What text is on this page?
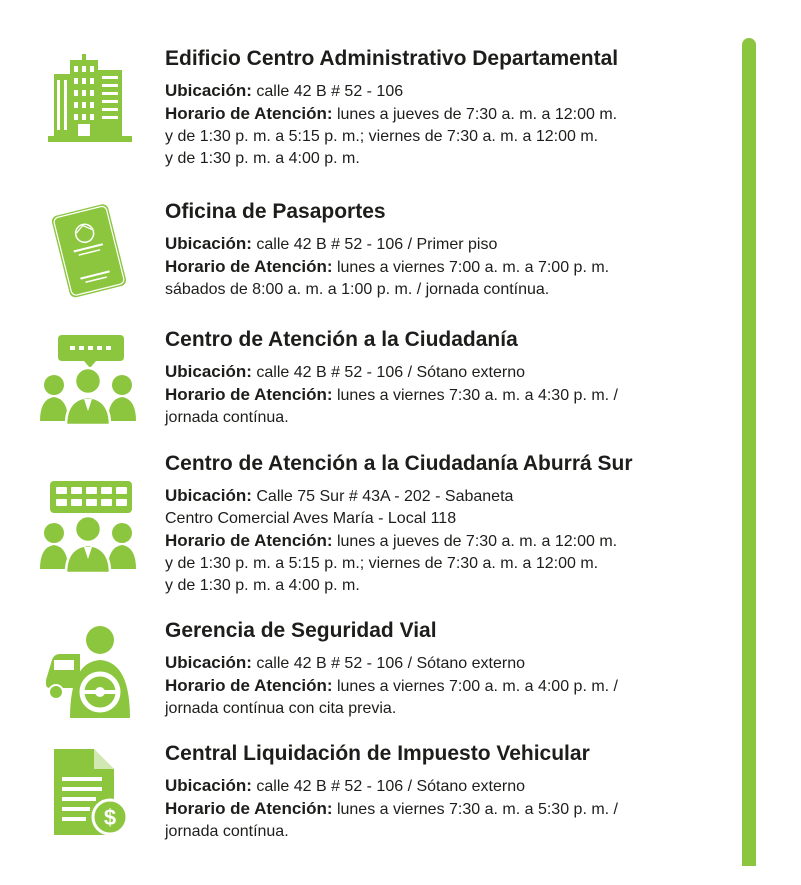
Edificio Centro Administrativo Departamental
Ubicación: calle 42 B # 52 - 106
Horario de Atención: lunes a jueves de 7:30 a. m. a 12:00 m.
y de 1:30 p. m. a 5:15 p. m.; viernes de 7:30 a. m. a 12:00 m.
y de 1:30 p. m. a 4:00 p. m.
Oficina de Pasaportes
Ubicación: calle 42 B # 52 - 106 / Primer piso
Horario de Atención: lunes a viernes 7:00 a. m. a 7:00 p. m.
sábados de 8:00 a. m. a 1:00 p. m. / jornada contínua.
Centro de Atención a la Ciudadanía
Ubicación: calle 42 B # 52 - 106 / Sótano externo
Horario de Atención: lunes a viernes 7:30 a. m. a 4:30 p. m. /
jornada contínua.
Centro de Atención a la Ciudadanía Aburrá Sur
Ubicación: Calle 75 Sur # 43A - 202 - Sabaneta
Centro Comercial Aves María - Local 118
Horario de Atención: lunes a jueves de 7:30 a. m. a 12:00 m.
y de 1:30 p. m. a 5:15 p. m.; viernes de 7:30 a. m. a 12:00 m.
y de 1:30 p. m. a 4:00 p. m.
Gerencia de Seguridad Vial
Ubicación: calle 42 B # 52 - 106 / Sótano externo
Horario de Atención: lunes a viernes 7:00 a. m. a 4:00 p. m. /
jornada contínua con cita previa.
$
Central Liquidación de Impuesto Vehicular
Ubicación: calle 42 B # 52 - 106 / Sótano externo
Horario de Atención: lunes a viernes 7:30 a. m. a 5:30 p. m. /
jornada contínua.
